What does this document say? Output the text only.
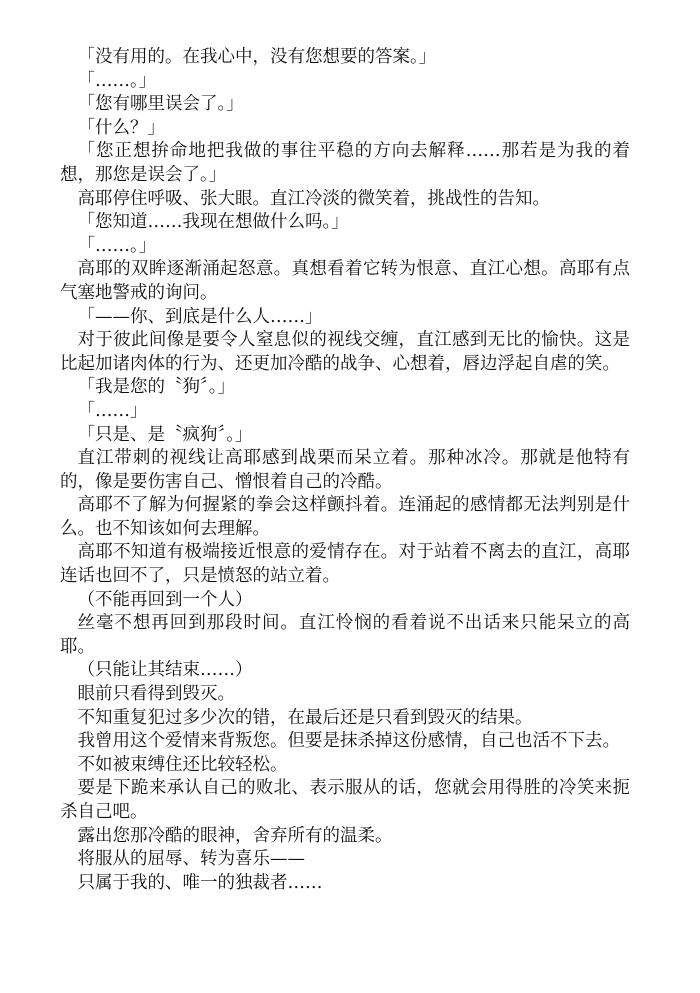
「没有用的。在我心中，没有您想要的答案。」

「……。」

「您有哪里误会了。」

「什么？」

「您正想拚命地把我做的事往平稳的方向去解释……那若是为我的着想，那您是误会了。」

高耶停住呼吸、张大眼。直江冷淡的微笑着，挑战性的告知。

「您知道……我现在想做什么吗。」

「……。」

高耶的双眸逐渐涌起怒意。真想看着它转为恨意、直江心想。高耶有点气塞地警戒的询问。

「——你、到底是什么人……」

对于彼此间像是要令人窒息似的视线交缠，直江感到无比的愉快。这是比起加诸肉体的行为、还更加冷酷的战争、心想着，唇边浮起自虐的笑。

「我是您的〝狗〞。」

「……」

「只是、是〝疯狗〞。」

直江带刺的视线让高耶感到战栗而呆立着。那种冰冷。那就是他特有的，像是要伤害自己、憎恨着自己的冷酷。

高耶不了解为何握紧的拳会这样颤抖着。连涌起的感情都无法判别是什么。也不知该如何去理解。

高耶不知道有极端接近恨意的爱情存在。对于站着不离去的直江，高耶连话也回不了，只是愤怒的站立着。

（不能再回到一个人）

丝毫不想再回到那段时间。直江怜悯的看着说不出话来只能呆立的高耶。

（只能让其结束……）

眼前只看得到毁灭。

不知重复犯过多少次的错，在最后还是只看到毁灭的结果。

我曾用这个爱情来背叛您。但要是抹杀掉这份感情，自己也活不下去。

不如被束缚住还比较轻松。

要是下跪来承认自己的败北、表示服从的话，您就会用得胜的冷笑来扼杀自己吧。

露出您那冷酷的眼神，舍弃所有的温柔。

将服从的屈辱、转为喜乐——

只属于我的、唯一的独裁者……
